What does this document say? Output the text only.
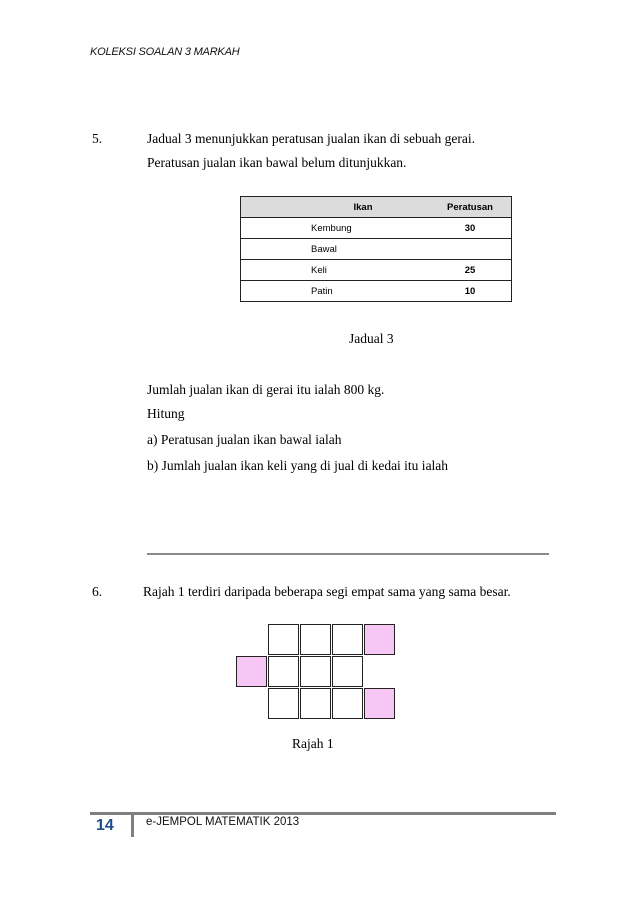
KOLEKSI SOALAN 3 MARKAH
5.	Jadual 3 menunjukkan peratusan jualan ikan di sebuah gerai.
Peratusan jualan ikan bawal belum ditunjukkan.
	Ikan	Peratusan
	Kembung	30
	Bawal	
	Keli	25
	Patin	10
Jadual 3
Jumlah jualan ikan di gerai itu ialah 800 kg.
Hitung
a) Peratusan jualan ikan bawal ialah
b) Jumlah jualan ikan keli yang di jual di kedai itu ialah
6.	Rajah 1 terdiri daripada beberapa segi empat sama yang sama besar.
Rajah 1
14	e-JEMPOL MATEMATIK 2013
